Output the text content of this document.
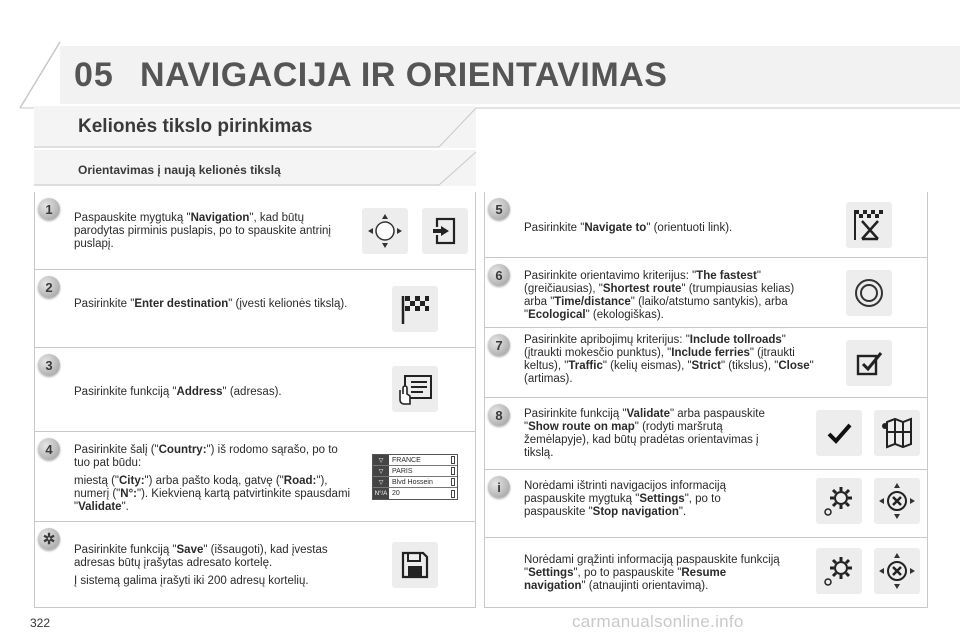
05 NAVIGACIJA IR ORIENTAVIMAS
Kelionės tikslo pirinkimas
Orientavimas į naują kelionės tikslą
1
Paspauskite mygtuką "Navigation", kad būtų parodytas pirminis puslapis, po to spauskite antrinį puslapį.
2
Pasirinkite "Enter destination" (įvesti kelionės tikslą).
3
Pasirinkite funkciją "Address" (adresas).
4	Pasirinkite šalį ("Country:") iš rodomo sąrašo, po to tuo pat būdu:

miestą ("City:") arba pašto kodą, gatvę ("Road:"), numerį ("N°:"). Kiekvieną kartą patvirtinkite spausdami "Validate".

▽	FRANCE
▽	PARIS
▽	Blvd Hossein
N°/A 20
✲

Pasirinkite funkciją "Save" (išsaugoti), kad įvestas adresas būtų įrašytas adresato kortelę.

Į sistemą galima įrašyti iki 200 adresų kortelių.

5
Pasirinkite "Navigate to" (orientuoti link).
6	Pasirinkite orientavimo kriterijus: "The fastest" (greičiausias), "Shortest route" (trumpiausias kelias) arba "Time/distance" (laiko/atstumo santykis), arba "Ecological" (ekologiškas).
7	Pasirinkite apribojimų kriterijus: "Include tollroads" (įtraukti mokesčio punktus), "Include ferries" (įtraukti keltus), "Traffic" (kelių eismas), "Strict" (tikslus), "Close" (artimas).
8	Pasirinkite funkciją "Validate" arba paspauskite "Show route on map" (rodyti maršrutą žemėlapyje), kad būtų pradėtas orientavimas į tikslą.
i	Norėdami ištrinti navigacijos informaciją paspauskite mygtuką "Settings", po to paspauskite "Stop navigation".
Norėdami grąžinti informaciją paspauskite funkciją "Settings", po to paspauskite "Resume navigation" (atnaujinti orientavimą).
322	carmanualsonline.info
